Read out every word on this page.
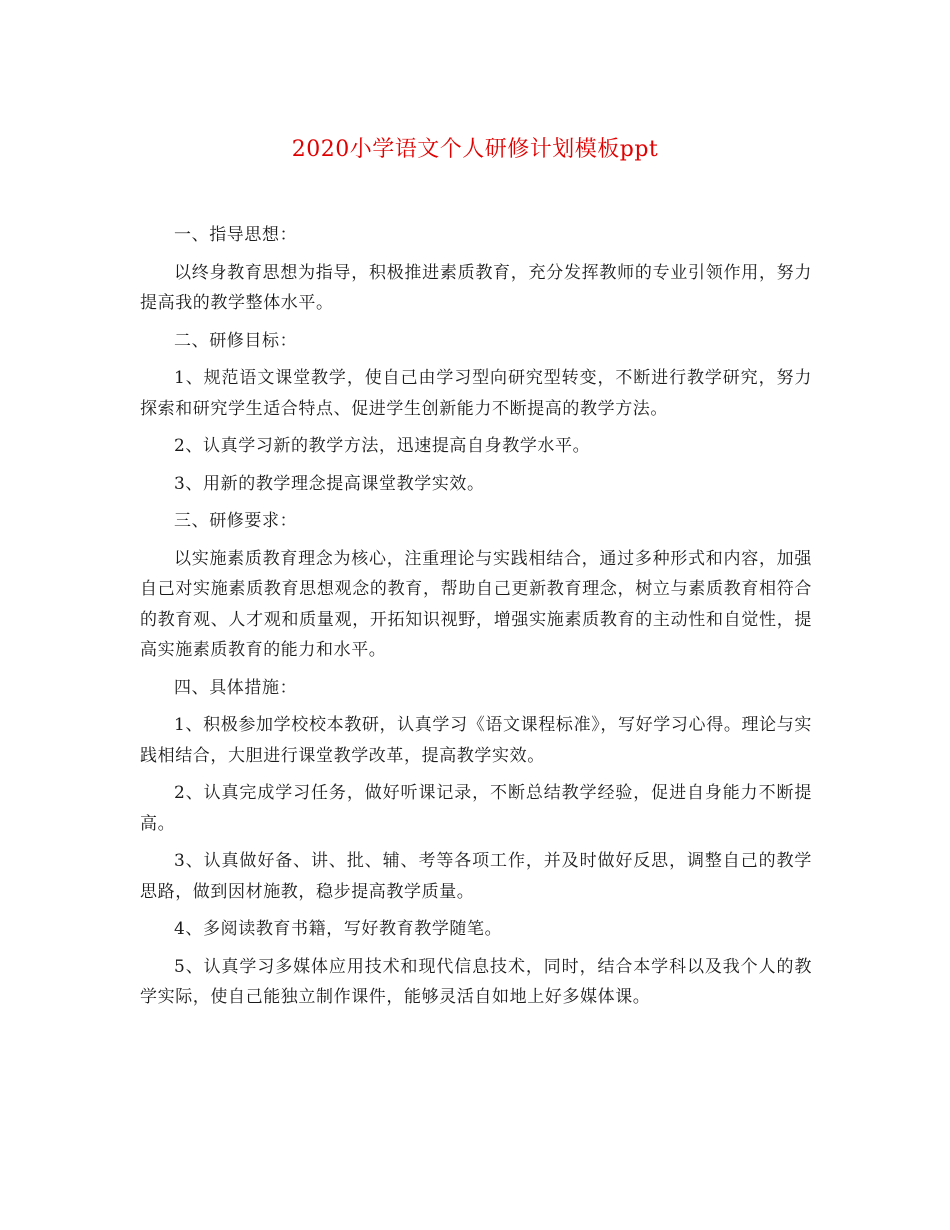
2020小学语文个人研修计划模板ppt

一、指导思想：

以终身教育思想为指导，积极推进素质教育，充分发挥教师的专业引领作用，努力提高我的教学整体水平。

二、研修目标：

1、规范语文课堂教学，使自己由学习型向研究型转变，不断进行教学研究，努力探索和研究学生适合特点、促进学生创新能力不断提高的教学方法。

2、认真学习新的教学方法，迅速提高自身教学水平。

3、用新的教学理念提高课堂教学实效。

三、研修要求：

以实施素质教育理念为核心，注重理论与实践相结合，通过多种形式和内容，加强自己对实施素质教育思想观念的教育，帮助自己更新教育理念，树立与素质教育相符合的教育观、人才观和质量观，开拓知识视野，增强实施素质教育的主动性和自觉性，提高实施素质教育的能力和水平。

四、具体措施：

1、积极参加学校校本教研，认真学习《语文课程标准》，写好学习心得。理论与实践相结合，大胆进行课堂教学改革，提高教学实效。

2、认真完成学习任务，做好听课记录，不断总结教学经验，促进自身能力不断提高。

3、认真做好备、讲、批、辅、考等各项工作，并及时做好反思，调整自己的教学思路，做到因材施教，稳步提高教学质量。

4、多阅读教育书籍，写好教育教学随笔。

5、认真学习多媒体应用技术和现代信息技术，同时，结合本学科以及我个人的教学实际，使自己能独立制作课件，能够灵活自如地上好多媒体课。
